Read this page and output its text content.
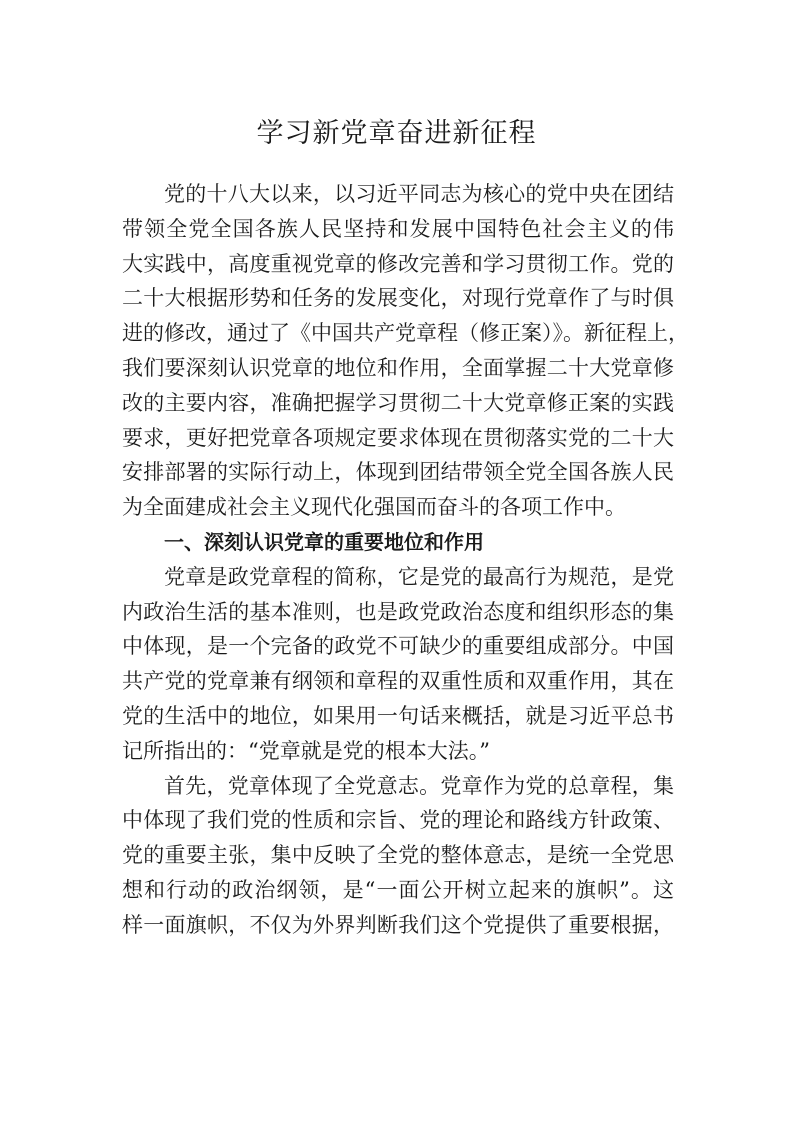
学习新党章奋进新征程
党的十八大以来，以习近平同志为核心的党中央在团结
带领全党全国各族人民坚持和发展中国特色社会主义的伟
大实践中，高度重视党章的修改完善和学习贯彻工作。党的
二十大根据形势和任务的发展变化，对现行党章作了与时俱
进的修改，通过了《中国共产党章程（修正案）》。新征程上，
我们要深刻认识党章的地位和作用，全面掌握二十大党章修
改的主要内容，准确把握学习贯彻二十大党章修正案的实践
要求，更好把党章各项规定要求体现在贯彻落实党的二十大
安排部署的实际行动上，体现到团结带领全党全国各族人民
为全面建成社会主义现代化强国而奋斗的各项工作中。
一、深刻认识党章的重要地位和作用
党章是政党章程的简称，它是党的最高行为规范，是党
内政治生活的基本准则，也是政党政治态度和组织形态的集
中体现，是一个完备的政党不可缺少的重要组成部分。中国
共产党的党章兼有纲领和章程的双重性质和双重作用，其在
党的生活中的地位，如果用一句话来概括，就是习近平总书
记所指出的：“党章就是党的根本大法。”
首先，党章体现了全党意志。党章作为党的总章程，集
中体现了我们党的性质和宗旨、党的理论和路线方针政策、
党的重要主张，集中反映了全党的整体意志，是统一全党思
想和行动的政治纲领，是“一面公开树立起来的旗帜”。这
样一面旗帜，不仅为外界判断我们这个党提供了重要根据，
